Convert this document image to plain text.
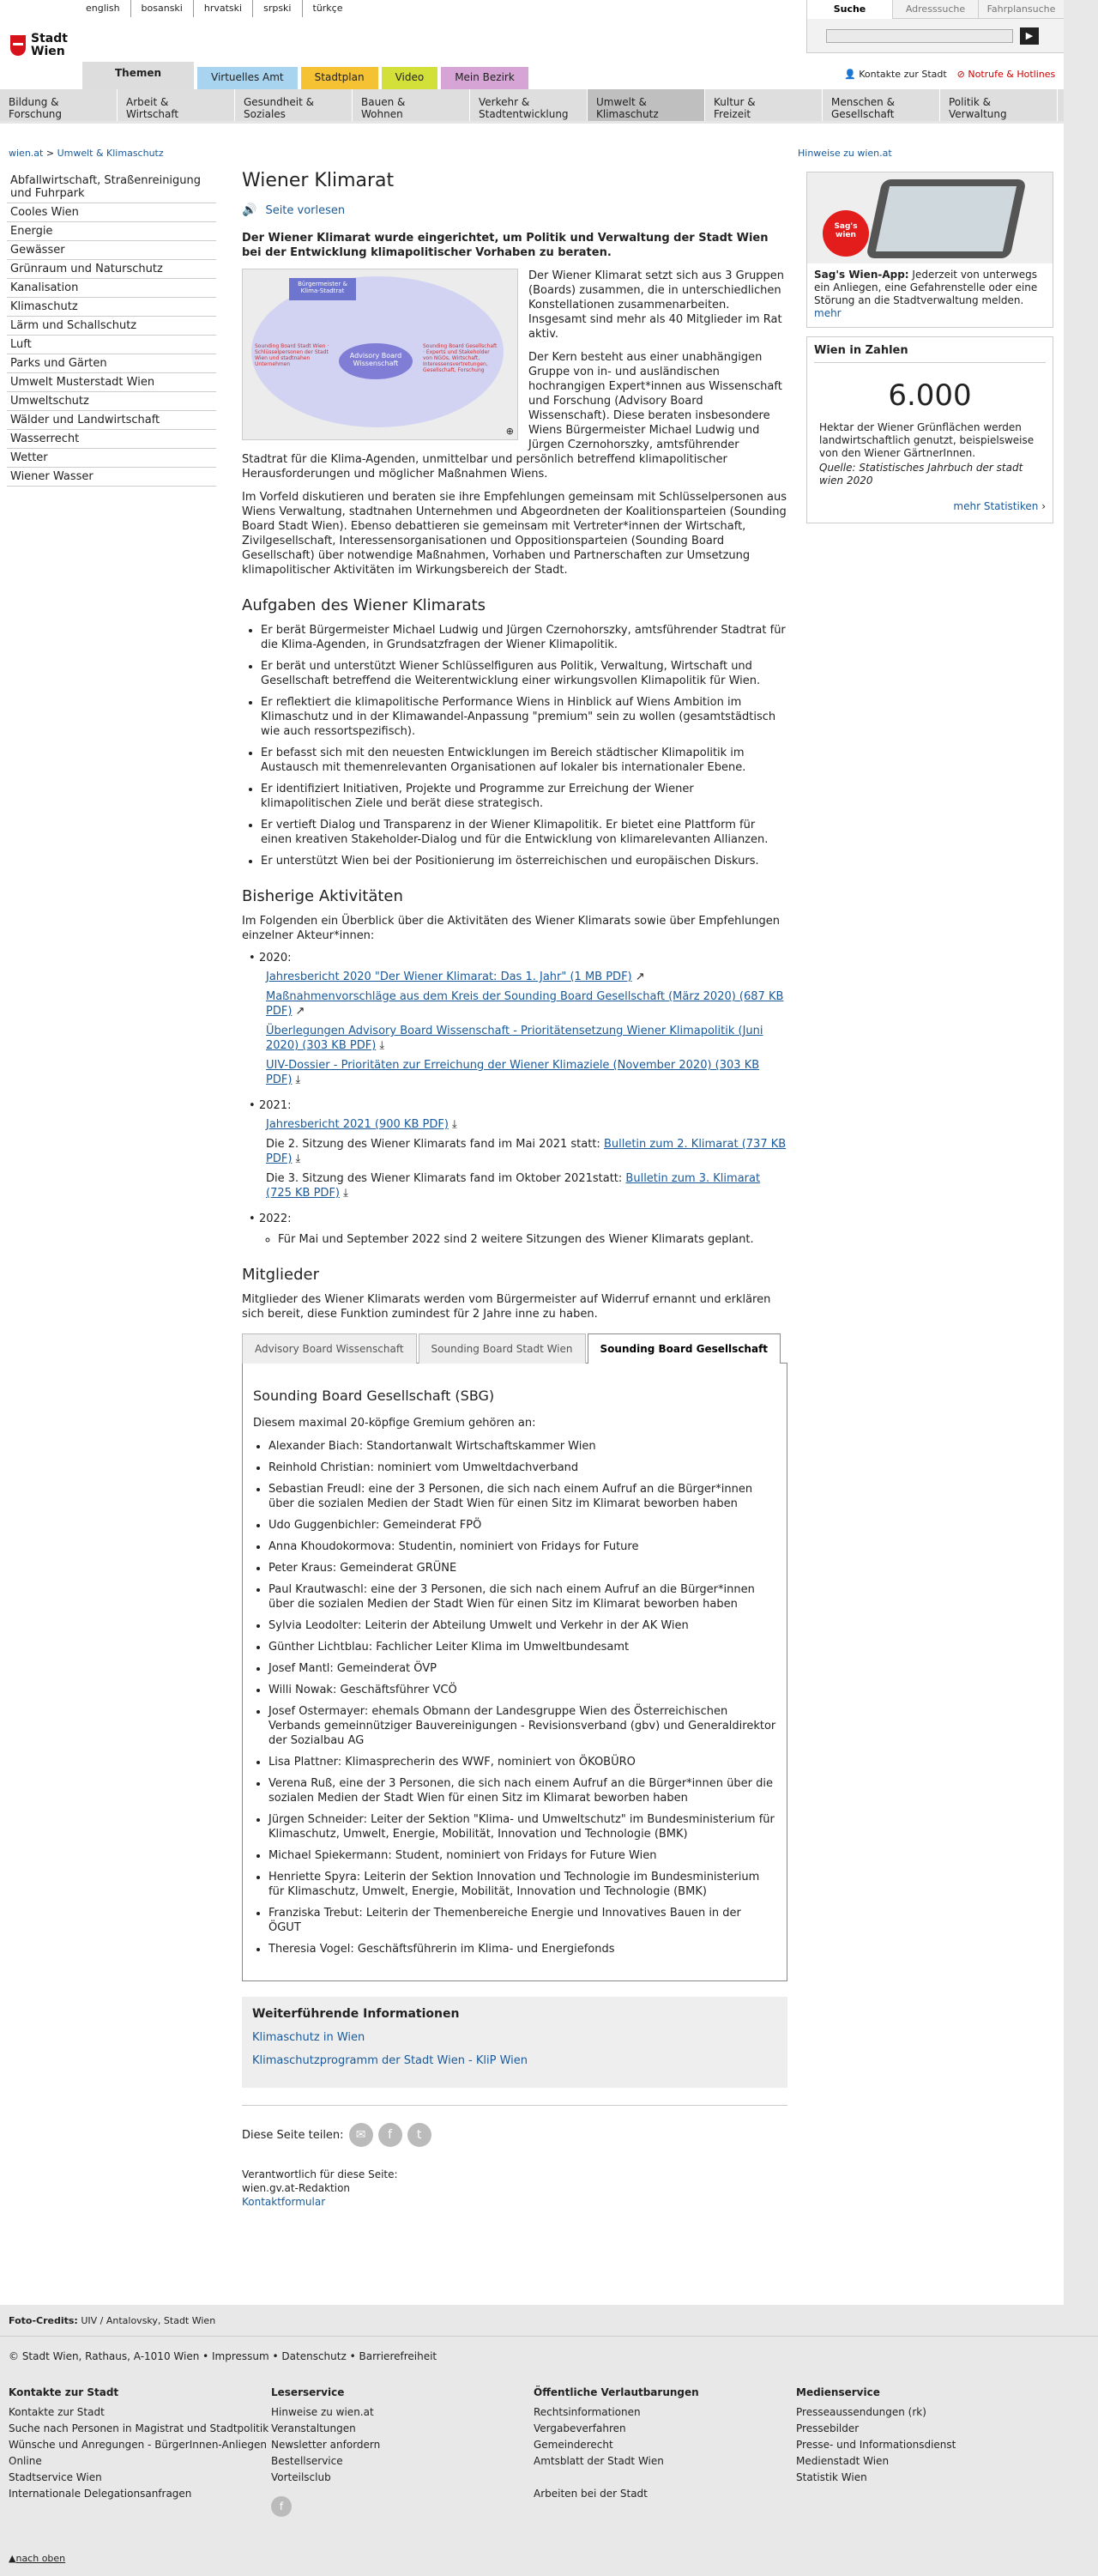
english	bosanski	hrvatski	srpski	türkçe	Suche	Adresssuche	Fahrplansuche
▶
Stadt
Wien
Themen	Virtuelles Amt	Stadtplan	Video	Mein Bezirk	👤 Kontakte zur Stadt ⊘ Notrufe & Hotlines
Bildung &
Forschung
Arbeit &
Wirtschaft
Gesundheit &
Soziales
Bauen &
Wohnen
Verkehr &
Stadtentwicklung
Umwelt &
Klimaschutz
Kultur &
Freizeit
Menschen &
Gesellschaft
Politik &
Verwaltung
wien.at > Umwelt & Klimaschutz	Hinweise zu wien.at
Abfallwirtschaft, Straßenreinigung und Fuhrpark
Cooles Wien
Energie
Gewässer
Grünraum und Naturschutz
Kanalisation
Klimaschutz
Lärm und Schallschutz
Luft
Parks und Gärten
Umwelt Musterstadt Wien
Umweltschutz
Wälder und Landwirtschaft
Wasserrecht
Wetter
Wiener Wasser
Wiener Klimarat
🔊 Seite vorlesen

Der Wiener Klimarat wurde eingerichtet, um Politik und Verwaltung der Stadt Wien bei der Entwicklung klimapolitischer Vorhaben zu beraten.

Bürgermeister & Klima-Stadtrat
Advisory Board Wissenschaft
Sounding Board Stadt Wien · Schlüsselpersonen der Stadt Wien und stadtnahen Unternehmen
Sounding Board Gesellschaft · Experts und Stakeholder von NGOs, Wirtschaft, Interessensvertretungen, Gesellschaft, Forschung
⊕

Der Wiener Klimarat setzt sich aus 3 Gruppen (Boards) zusammen, die in unterschiedlichen Konstellationen zusammenarbeiten. Insgesamt sind mehr als 40 Mitglieder im Rat aktiv.

Der Kern besteht aus einer unabhängigen Gruppe von in- und ausländischen hochrangigen Expert*innen aus Wissenschaft und Forschung (Advisory Board Wissenschaft). Diese beraten insbesondere Wiens Bürgermeister Michael Ludwig und Jürgen Czernohorszky, amtsführender Stadtrat für die Klima-Agenden, unmittelbar und persönlich betreffend klimapolitischer Herausforderungen und möglicher Maßnahmen Wiens.

Im Vorfeld diskutieren und beraten sie ihre Empfehlungen gemeinsam mit Schlüsselpersonen aus Wiens Verwaltung, stadtnahen Unternehmen und Abgeordneten der Koalitionsparteien (Sounding Board Stadt Wien). Ebenso debattieren sie gemeinsam mit Vertreter*innen der Wirtschaft, Zivilgesellschaft, Interessensorganisationen und Oppositionsparteien (Sounding Board Gesellschaft) über notwendige Maßnahmen, Vorhaben und Partnerschaften zur Umsetzung klimapolitischer Aktivitäten im Wirkungsbereich der Stadt.

Aufgaben des Wiener Klimarats
• Er berät Bürgermeister Michael Ludwig und Jürgen Czernohorszky, amtsführender Stadtrat für die Klima-Agenden, in Grundsatzfragen der Wiener Klimapolitik.
• Er berät und unterstützt Wiener Schlüsselfiguren aus Politik, Verwaltung, Wirtschaft und Gesellschaft betreffend die Weiterentwicklung einer wirkungsvollen Klimapolitik für Wien.
• Er reflektiert die klimapolitische Performance Wiens in Hinblick auf Wiens Ambition im Klimaschutz und in der Klimawandel-Anpassung "premium" sein zu wollen (gesamtstädtisch wie auch ressortspezifisch).
• Er befasst sich mit den neuesten Entwicklungen im Bereich städtischer Klimapolitik im Austausch mit themenrelevanten Organisationen auf lokaler bis internationaler Ebene.
• Er identifiziert Initiativen, Projekte und Programme zur Erreichung der Wiener klimapolitischen Ziele und berät diese strategisch.
• Er vertieft Dialog und Transparenz in der Wiener Klimapolitik. Er bietet eine Plattform für einen kreativen Stakeholder-Dialog und für die Entwicklung von klimarelevanten Allianzen.
• Er unterstützt Wien bei der Positionierung im österreichischen und europäischen Diskurs.
Bisherige Aktivitäten

Im Folgenden ein Überblick über die Aktivitäten des Wiener Klimarats sowie über Empfehlungen einzelner Akteur*innen:

• 2020:
Jahresbericht 2020 "Der Wiener Klimarat: Das 1. Jahr" (1 MB PDF) ↗
Maßnahmenvorschläge aus dem Kreis der Sounding Board Gesellschaft (März 2020) (687 KB PDF) ↗
Überlegungen Advisory Board Wissenschaft - Prioritätensetzung Wiener Klimapolitik (Juni 2020) (303 KB PDF) ⤓
UIV-Dossier - Prioritäten zur Erreichung der Wiener Klimaziele (November 2020) (303 KB PDF) ⤓
• 2021:
Jahresbericht 2021 (900 KB PDF) ⤓
Die 2. Sitzung des Wiener Klimarats fand im Mai 2021 statt: Bulletin zum 2. Klimarat (737 KB PDF) ⤓
Die 3. Sitzung des Wiener Klimarats fand im Oktober 2021statt: Bulletin zum 3. Klimarat (725 KB PDF) ⤓
• 2022:
◦ Für Mai und September 2022 sind 2 weitere Sitzungen des Wiener Klimarats geplant.
Mitglieder

Mitglieder des Wiener Klimarats werden vom Bürgermeister auf Widerruf ernannt und erklären sich bereit, diese Funktion zumindest für 2 Jahre inne zu haben.

Advisory Board Wissenschaft	Sounding Board Stadt Wien	Sounding Board Gesellschaft
Sounding Board Gesellschaft (SBG)

Diesem maximal 20-köpfige Gremium gehören an:

• Alexander Biach: Standortanwalt Wirtschaftskammer Wien
• Reinhold Christian: nominiert vom Umweltdachverband
• Sebastian Freudl: eine der 3 Personen, die sich nach einem Aufruf an die Bürger*innen über die sozialen Medien der Stadt Wien für einen Sitz im Klimarat beworben haben
• Udo Guggenbichler: Gemeinderat FPÖ
• Anna Khoudokormova: Studentin, nominiert von Fridays for Future
• Peter Kraus: Gemeinderat GRÜNE
• Paul Krautwaschl: eine der 3 Personen, die sich nach einem Aufruf an die Bürger*innen über die sozialen Medien der Stadt Wien für einen Sitz im Klimarat beworben haben
• Sylvia Leodolter: Leiterin der Abteilung Umwelt und Verkehr in der AK Wien
• Günther Lichtblau: Fachlicher Leiter Klima im Umweltbundesamt
• Josef Mantl: Gemeinderat ÖVP
• Willi Nowak: Geschäftsführer VCÖ
• Josef Ostermayer: ehemals Obmann der Landesgruppe Wien des Österreichischen Verbands gemeinnütziger Bauvereinigungen - Revisionsverband (gbv) und Generaldirektor der Sozialbau AG
• Lisa Plattner: Klimasprecherin des WWF, nominiert von ÖKOBÜRO
• Verena Ruß, eine der 3 Personen, die sich nach einem Aufruf an die Bürger*innen über die sozialen Medien der Stadt Wien für einen Sitz im Klimarat beworben haben
• Jürgen Schneider: Leiter der Sektion "Klima- und Umweltschutz" im Bundesministerium für Klimaschutz, Umwelt, Energie, Mobilität, Innovation und Technologie (BMK)
• Michael Spiekermann: Student, nominiert von Fridays for Future Wien
• Henriette Spyra: Leiterin der Sektion Innovation und Technologie im Bundesministerium für Klimaschutz, Umwelt, Energie, Mobilität, Innovation und Technologie (BMK)
• Franziska Trebut: Leiterin der Themenbereiche Energie und Innovatives Bauen in der ÖGUT
• Theresia Vogel: Geschäftsführerin im Klima- und Energiefonds
Weiterführende Informationen
Klimaschutz in Wien
Klimaschutzprogramm der Stadt Wien - KliP Wien
Diese Seite teilen:	✉	f	t
Verantwortlich für diese Seite:
wien.gv.at-Redaktion
Kontaktformular
Sag's wien
Sag's Wien-App: Jederzeit von unterwegs ein Anliegen, eine Gefahrenstelle oder eine Störung an die Stadtverwaltung melden.
mehr
Wien in Zahlen
6.000
Hektar der Wiener Grünflächen werden landwirtschaftlich genutzt, beispielsweise von den Wiener GärtnerInnen.
Quelle: Statistisches Jahrbuch der stadt wien 2020
mehr Statistiken ›
Foto-Credits: UIV / Antalovsky, Stadt Wien
© Stadt Wien, Rathaus, A-1010 Wien • Impressum • Datenschutz • Barrierefreiheit
Kontakte zur Stadt
Kontakte zur Stadt
Suche nach Personen in Magistrat und Stadtpolitik
Wünsche und Anregungen - BürgerInnen-Anliegen Online
Stadtservice Wien
Internationale Delegationsanfragen
Leserservice
Hinweise zu wien.at
Veranstaltungen
Newsletter anfordern
Bestellservice
Vorteilsclub
f
Öffentliche Verlautbarungen
Rechtsinformationen
Vergabeverfahren
Gemeinderecht
Amtsblatt der Stadt Wien
Arbeiten bei der Stadt
Medienservice
Presseaussendungen (rk)
Pressebilder
Presse- und Informationsdienst
Medienstadt Wien
Statistik Wien
▲nach oben
